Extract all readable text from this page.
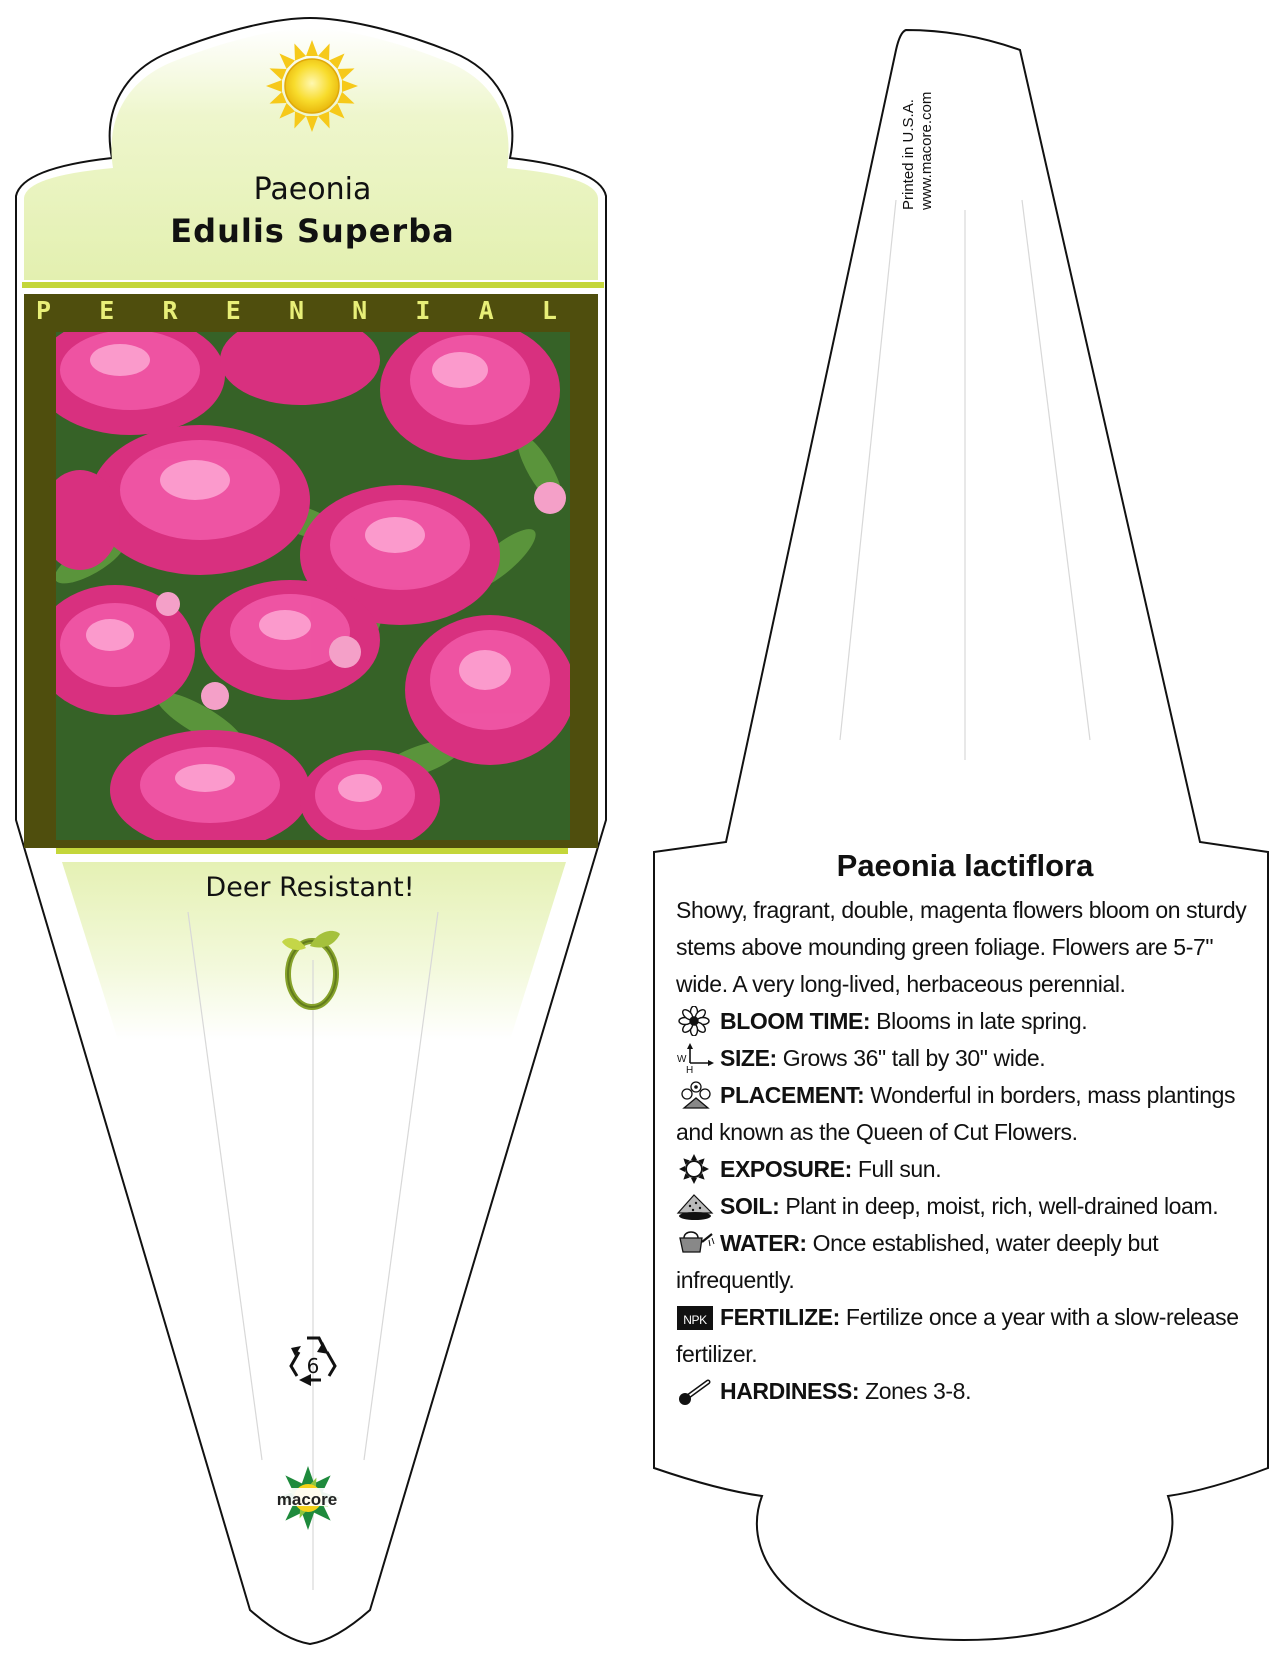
Paeonia
Edulis Superba
P E R E N N I A L
Deer Resistant!
6
macore
Printed in U.S.A. www.macore.com
Paeonia lactiflora

Showy, fragrant, double, magenta flowers bloom on sturdy stems above mounding green foliage. Flowers are 5-7" wide. A very long-lived, herbaceous perennial.

BLOOM TIME: Blooms in late spring.

W
H SIZE: Grows 36" tall by 30" wide.

PLACEMENT: Wonderful in borders, mass plantings and known as the Queen of Cut Flowers.

EXPOSURE: Full sun.

SOIL: Plant in deep, moist, rich, well-drained loam.

WATER: Once established, water deeply but infrequently.

NPK FERTILIZE: Fertilize once a year with a slow-release fertilizer.

HARDINESS: Zones 3-8.
